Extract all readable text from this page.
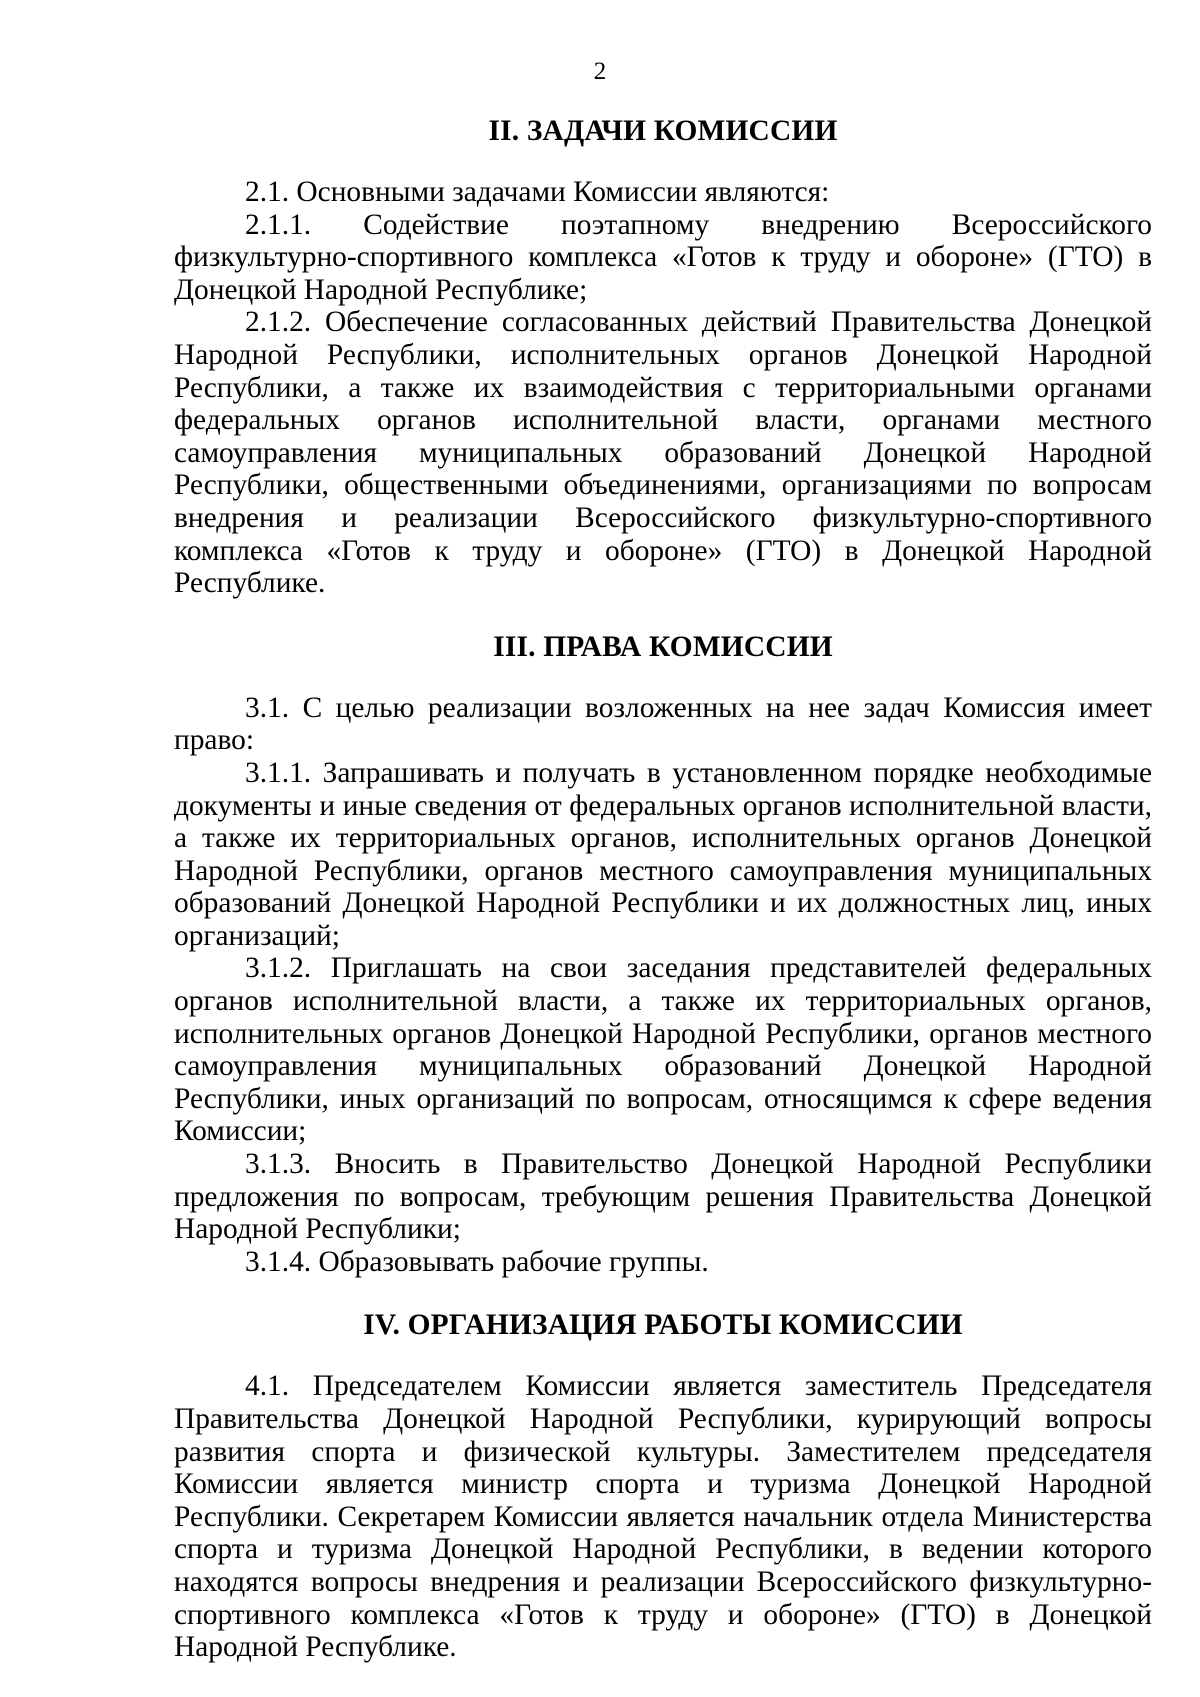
2
II. ЗАДАЧИ КОМИССИИ

2.1. Основными задачами Комиссии являются:

2.1.1. Содействие поэтапному внедрению Всероссийского физкультурно-спортивного комплекса «Готов к труду и обороне» (ГТО) в Донецкой Народной Республике;

2.1.2. Обеспечение согласованных действий Правительства Донецкой Народной Республики, исполнительных органов Донецкой Народной Республики, а также их взаимодействия с территориальными органами федеральных органов исполнительной власти, органами местного самоуправления муниципальных образований Донецкой Народной Республики, общественными объединениями, организациями по вопросам внедрения и реализации Всероссийского физкультурно-спортивного комплекса «Готов к труду и обороне» (ГТО) в Донецкой Народной Республике.

III. ПРАВА КОМИССИИ

3.1. С целью реализации возложенных на нее задач Комиссия имеет право:

3.1.1. Запрашивать и получать в установленном порядке необходимые документы и иные сведения от федеральных органов исполнительной власти, а также их территориальных органов, исполнительных органов Донецкой Народной Республики, органов местного самоуправления муниципальных образований Донецкой Народной Республики и их должностных лиц, иных организаций;

3.1.2. Приглашать на свои заседания представителей федеральных органов исполнительной власти, а также их территориальных органов, исполнительных органов Донецкой Народной Республики, органов местного самоуправления муниципальных образований Донецкой Народной Республики, иных организаций по вопросам, относящимся к сфере ведения Комиссии;

3.1.3. Вносить в Правительство Донецкой Народной Республики предложения по вопросам, требующим решения Правительства Донецкой Народной Республики;

3.1.4. Образовывать рабочие группы.

IV. ОРГАНИЗАЦИЯ РАБОТЫ КОМИССИИ

4.1. Председателем Комиссии является заместитель Председателя Правительства Донецкой Народной Республики, курирующий вопросы развития спорта и физической культуры. Заместителем председателя Комиссии является министр спорта и туризма Донецкой Народной Республики. Секретарем Комиссии является начальник отдела Министерства спорта и туризма Донецкой Народной Республики, в ведении которого находятся вопросы внедрения и реализации Всероссийского физкультурно-спортивного комплекса «Готов к труду и обороне» (ГТО) в Донецкой Народной Республике.
